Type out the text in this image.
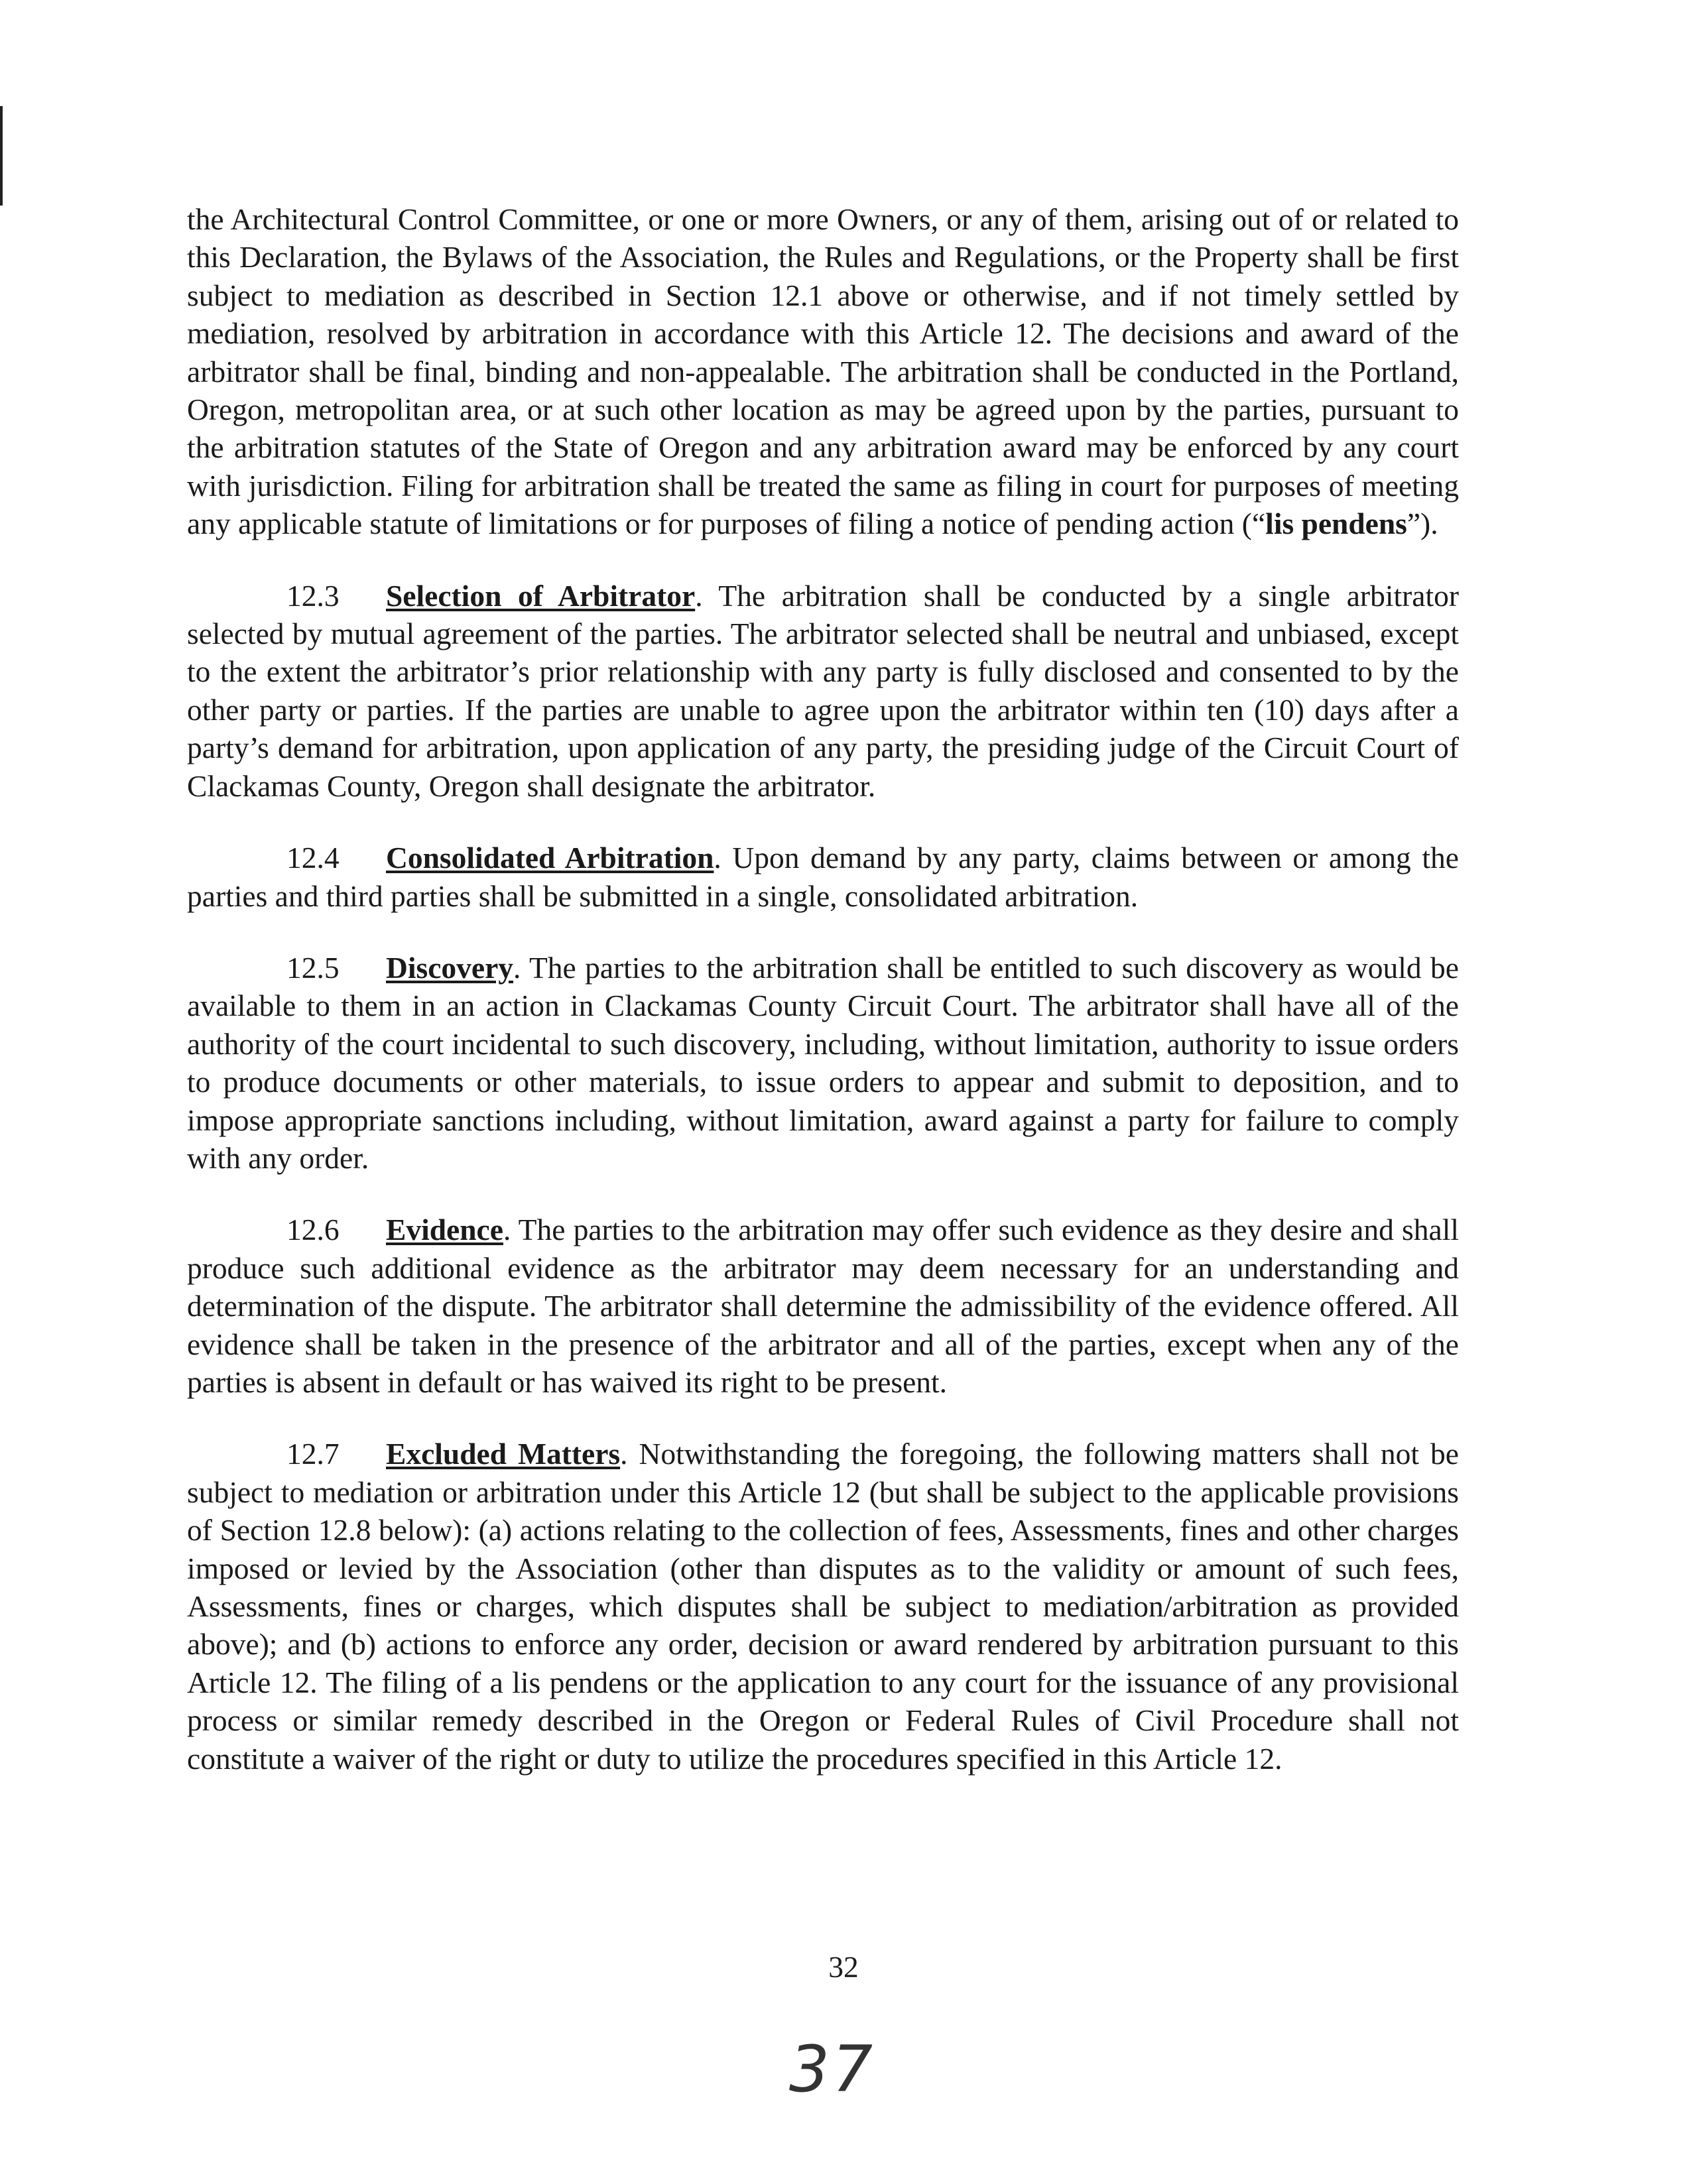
the Architectural Control Committee, or one or more Owners, or any of them, arising out of or related to this Declaration, the Bylaws of the Association, the Rules and Regulations, or the Property shall be first subject to mediation as described in Section 12.1 above or otherwise, and if not timely settled by mediation, resolved by arbitration in accordance with this Article 12. The decisions and award of the arbitrator shall be final, binding and non-appealable. The arbitration shall be conducted in the Portland, Oregon, metropolitan area, or at such other location as may be agreed upon by the parties, pursuant to the arbitration statutes of the State of Oregon and any arbitration award may be enforced by any court with jurisdiction. Filing for arbitration shall be treated the same as filing in court for purposes of meeting any applicable statute of limitations or for purposes of filing a notice of pending action (“lis pendens”).

12.3 Selection of Arbitrator. The arbitration shall be conducted by a single arbitrator selected by mutual agreement of the parties. The arbitrator selected shall be neutral and unbiased, except to the extent the arbitrator’s prior relationship with any party is fully disclosed and consented to by the other party or parties. If the parties are unable to agree upon the arbitrator within ten (10) days after a party’s demand for arbitration, upon application of any party, the presiding judge of the Circuit Court of Clackamas County, Oregon shall designate the arbitrator.

12.4 Consolidated Arbitration. Upon demand by any party, claims between or among the parties and third parties shall be submitted in a single, consolidated arbitration.

12.5 Discovery. The parties to the arbitration shall be entitled to such discovery as would be available to them in an action in Clackamas County Circuit Court. The arbitrator shall have all of the authority of the court incidental to such discovery, including, without limitation, authority to issue orders to produce documents or other materials, to issue orders to appear and submit to deposition, and to impose appropriate sanctions including, without limitation, award against a party for failure to comply with any order.

12.6 Evidence. The parties to the arbitration may offer such evidence as they desire and shall produce such additional evidence as the arbitrator may deem necessary for an understanding and determination of the dispute. The arbitrator shall determine the admissibility of the evidence offered. All evidence shall be taken in the presence of the arbitrator and all of the parties, except when any of the parties is absent in default or has waived its right to be present.

12.7 Excluded Matters. Notwithstanding the foregoing, the following matters shall not be subject to mediation or arbitration under this Article 12 (but shall be subject to the applicable provisions of Section 12.8 below): (a) actions relating to the collection of fees, Assessments, fines and other charges imposed or levied by the Association (other than disputes as to the validity or amount of such fees, Assessments, fines or charges, which disputes shall be subject to mediation/arbitration as provided above); and (b) actions to enforce any order, decision or award rendered by arbitration pursuant to this Article 12. The filing of a lis pendens or the application to any court for the issuance of any provisional process or similar remedy described in the Oregon or Federal Rules of Civil Procedure shall not constitute a waiver of the right or duty to utilize the procedures specified in this Article 12.

32
37
